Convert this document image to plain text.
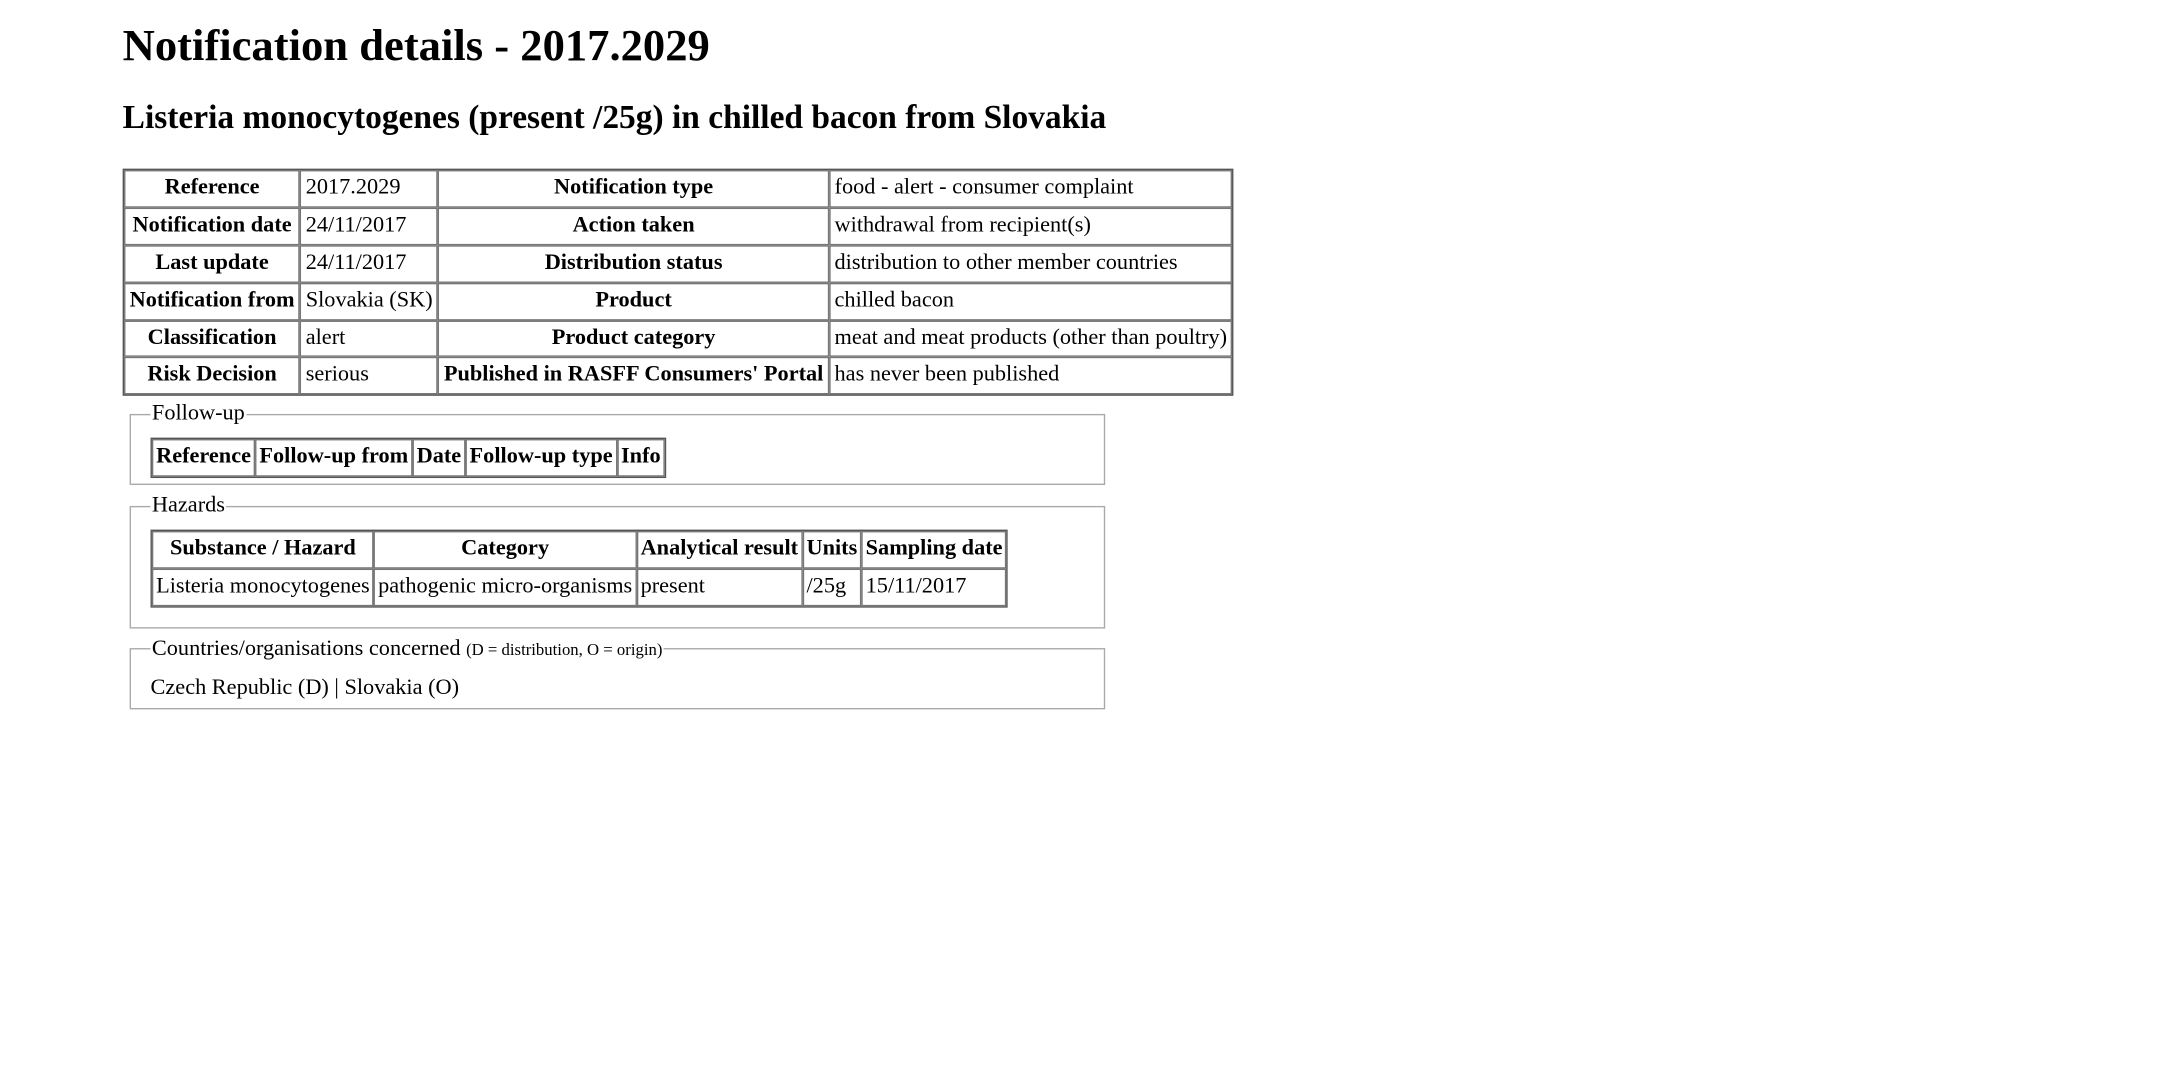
Notification details - 2017.2029
Listeria monocytogenes (present /25g) in chilled bacon from Slovakia
Reference	2017.2029	Notification type	food - alert - consumer complaint
Notification date	24/11/2017	Action taken	withdrawal from recipient(s)
Last update	24/11/2017	Distribution status	distribution to other member countries
Notification from	Slovakia (SK)	Product	chilled bacon
Classification	alert	Product category	meat and meat products (other than poultry)
Risk Decision	serious	Published in RASFF Consumers' Portal	has never been published
Follow-up
Reference	Follow-up from	Date	Follow-up type	Info
Hazards
Substance / Hazard	Category	Analytical result	Units	Sampling date
Listeria monocytogenes	pathogenic micro-organisms	present	/25g	15/11/2017
Countries/organisations concerned (D = distribution, O = origin)
Czech Republic (D) | Slovakia (O)
